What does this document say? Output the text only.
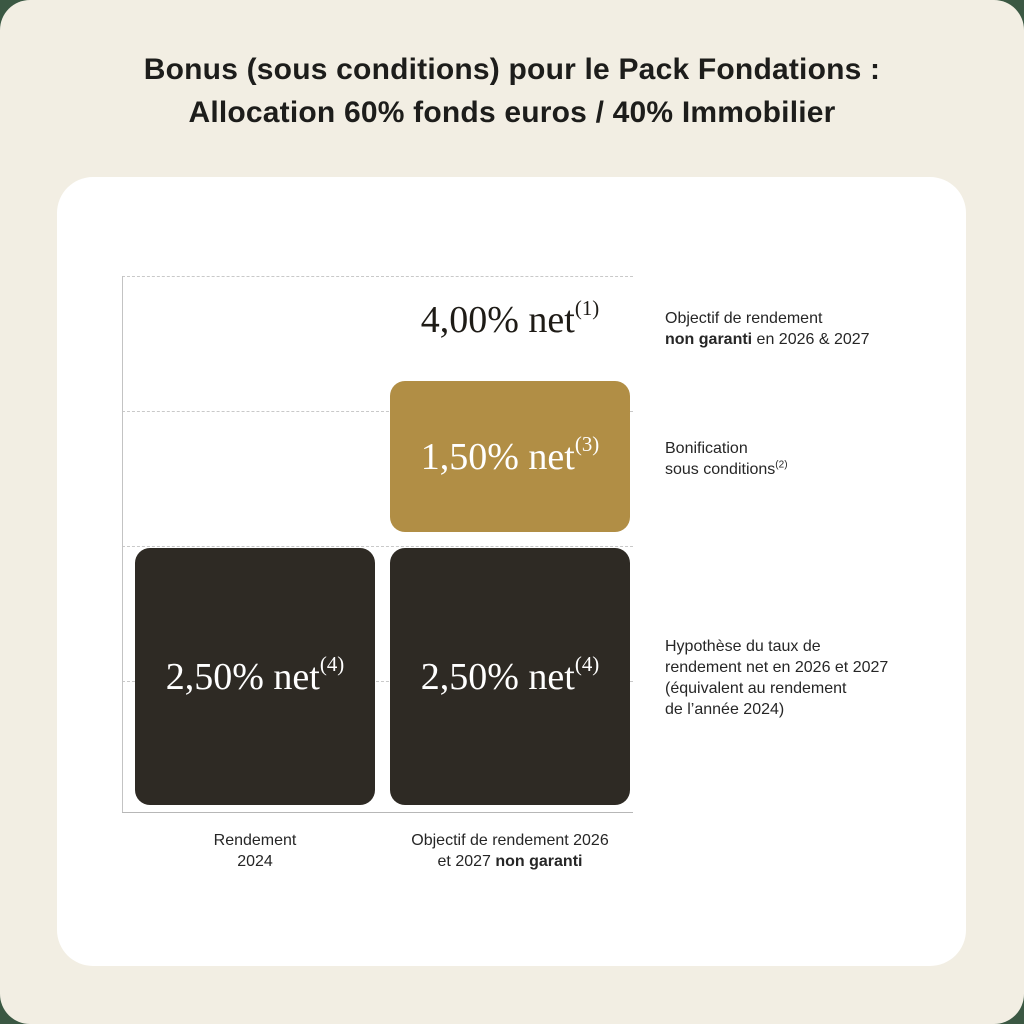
Bonus (sous conditions) pour le Pack Fondations :
Allocation 60% fonds euros / 40% Immobilier
4,00% net$^{(1)}$
2,50% net$^{(4)}$
1,50% net$^{(3)}$
2,50% net$^{(4)}$
Objectif de rendement
non garanti en 2026 & 2027
Bonification
sous conditions$^{(2)}$
Hypothèse du taux de
rendement net en 2026 et 2027
(équivalent au rendement
de l’année 2024)
Rendement
2024
Objectif de rendement 2026
et 2027 non garanti
